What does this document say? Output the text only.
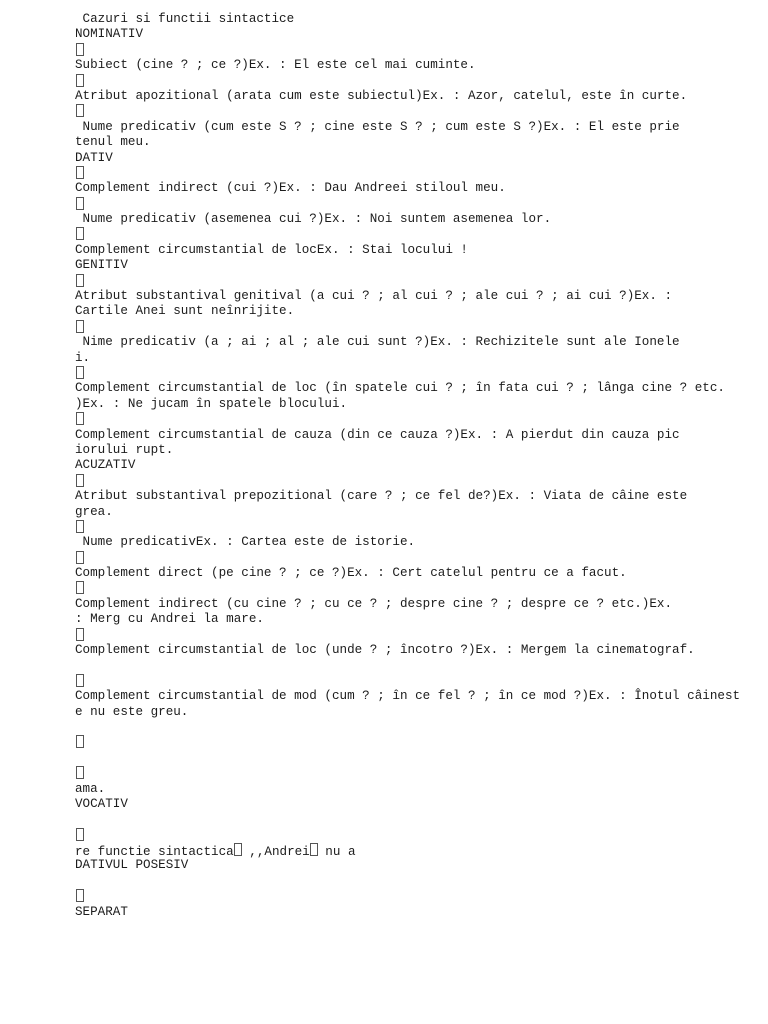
Cazuri si functii sintactice
NOMINATIV
Subiect (cine ? ; ce ?)Ex. : El este cel mai cuminte.
Atribut apozitional (arata cum este subiectul)Ex. : Azor, catelul, este în curte.
Nume predicativ (cum este S ? ; cine este S ? ; cum este S ?)Ex. : El este prie
tenul meu.
DATIV
Complement indirect (cui ?)Ex. : Dau Andreei stiloul meu.
Nume predicativ (asemenea cui ?)Ex. : Noi suntem asemenea lor.
Complement circumstantial de locEx. : Stai locului !
GENITIV
Atribut substantival genitival (a cui ? ; al cui ? ; ale cui ? ; ai cui ?)Ex. :
Cartile Anei sunt neînrijite.
Nime predicativ (a ; ai ; al ; ale cui sunt ?)Ex. : Rechizitele sunt ale Ionele
i.
Complement circumstantial de loc (în spatele cui ? ; în fata cui ? ; lânga cine ? etc.
)Ex. : Ne jucam în spatele blocului.
Complement circumstantial de cauza (din ce cauza ?)Ex. : A pierdut din cauza pic
iorului rupt.
ACUZATIV
Atribut substantival prepozitional (care ? ; ce fel de?)Ex. : Viata de câine este
grea.
Nume predicativEx. : Cartea este de istorie.
Complement direct (pe cine ? ; ce ?)Ex. : Cert catelul pentru ce a facut.
Complement indirect (cu cine ? ; cu ce ? ; despre cine ? ; despre ce ? etc.)Ex.
: Merg cu Andrei la mare.
Complement circumstantial de loc (unde ? ; încotro ?)Ex. : Mergem la cinematograf.
Complement circumstantial de mod (cum ? ; în ce fel ? ; în ce mod ?)Ex. : Înotul câinest
e nu este greu.
ama.
VOCATIV
re functie sintactica ,,Andrei nu a
DATIVUL POSESIV
SEPARAT
